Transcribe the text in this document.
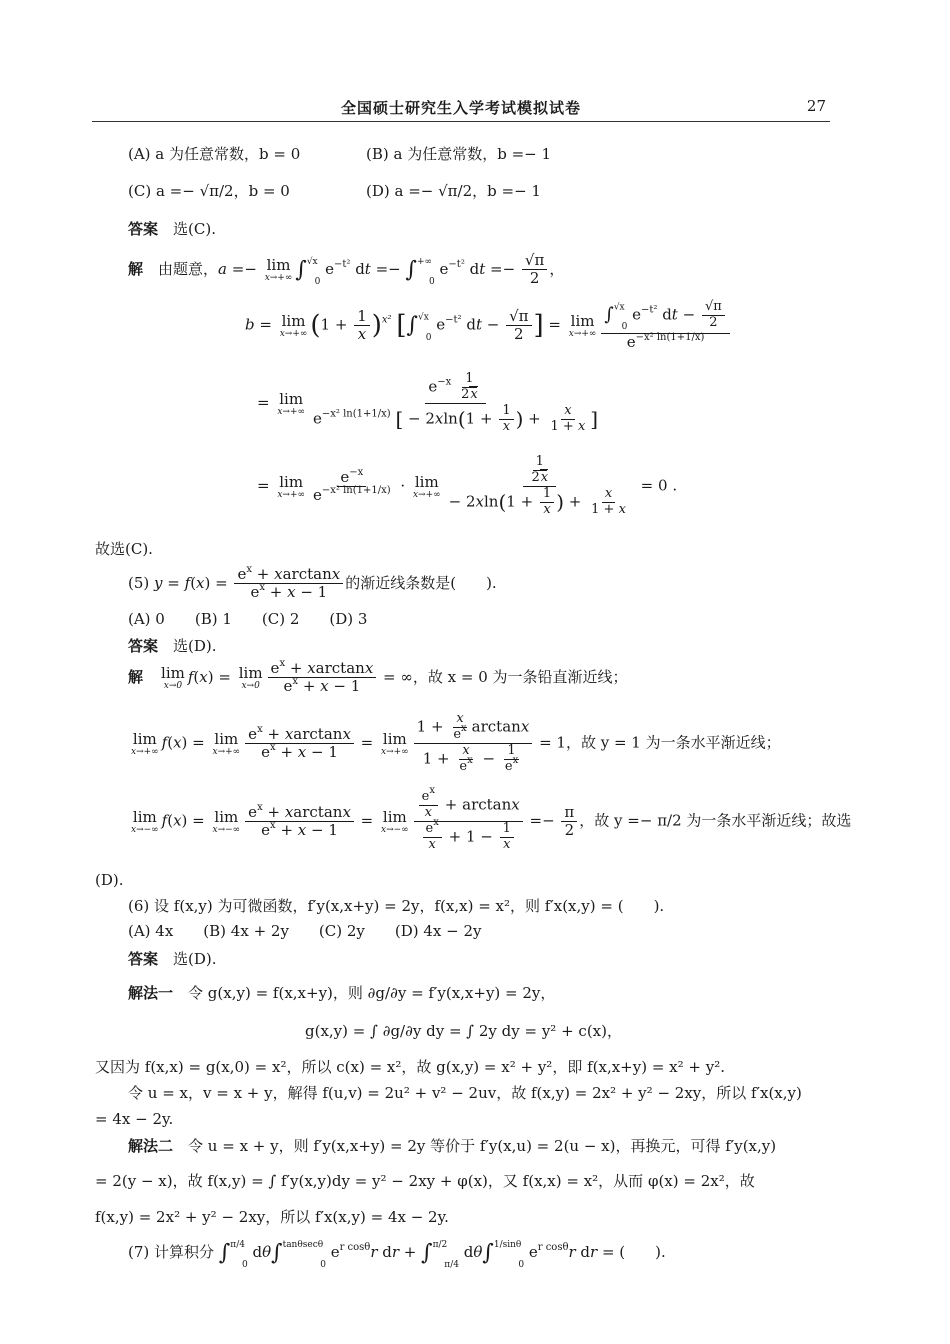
全国硕士研究生入学考试模拟试卷	27
(A) a 为任意常数，b = 0	(B) a 为任意常数，b =− 1
(C) a =− √π/2，b = 0	(D) a =− √π/2，b =− 1
答案　 选(C).
解　 由题意，a =− lim
x→+∞ ∫$^{√x}_0$ $e^{-t^2}$ dt =− $\int^{+\infty}_0$ $e^{-t^2}$ dt =− $\frac{√\pi}{2}$ ，
b = lim
x→+∞ $(1 + \frac{1}{x} )^{x^2}$ [∫$^{√x}_0$ $e^{-t^2}$ dt − $\frac{√\pi}{2}$ ] = lim
$x\to+\infty \frac{\int^{√x}_0 e^{-t^2} dt - \frac{√\pi}{2}}{e^{-x^2 ln(1+1/x)}}$
= lim
$x\to+\infty \frac{e^{-x} \frac{1}{2x}}{e^{-x^2 ln(1+1/x)} [ - 2xln(1 + \frac{1}{x} ) + \frac{x}{1 + x} ]}$
= lim
$x\to+\infty \frac{e^{-x}}{e^{-x^2 ln(1+1/x)}} \cdot \lim$
$x\to+\infty \frac{\frac{1}{2x}}{- 2xln(1 + \frac{1}{x} ) + \frac{x}{1 + x}} = 0$ .
故选(C).
(5) $y = f(x) = \frac{e^x + xarctanx}{e^x + x - 1}$ 的渐近线条数是(　　).
(A) 0　　(B) 1　　(C) 2　　(D) 3
答案　 选(D).
解　 lim
x→0
f(x) = lim
$x\to 0 \frac{e^x + xarctanx}{e^x + x - 1}$ = ∞，故 x = 0 为一条铅直渐近线；
lim
x→+∞
f(x) = lim
$x\to+\infty \frac{e^x + xarctanx}{e^x + x - 1} = \lim$
$x\to+\infty \frac{1 + \frac{x}{e^x} \arctan x}{1 + \frac{x}{e^x} - \frac{1}{e^x}} = 1$，故 y = 1 为一条水平渐近线；
lim
x→−∞
f(x) = lim
$x\to-\infty \frac{e^x + xarctanx}{e^x + x - 1} = \lim$
$x\to-\infty \frac{\frac{e^x}{x} + \arctan x}{\frac{e^x}{x} + 1 - \frac{1}{x}} =- \frac{\pi}{2}$ ，故 y =− π/2 为一条水平渐近线；故选
(D).
(6) 设 f(x,y) 为可微函数，f′y(x,x+y) = 2y，f(x,x) = x²，则 f′x(x,y) = (　　).
(A) 4x　　(B) 4x + 2y　　(C) 2y　　(D) 4x − 2y
答案　 选(D).
解法一　 令 g(x,y) = f(x,x+y)，则 ∂g/∂y = f′y(x,x+y) = 2y，
g(x,y) = ∫ ∂g/∂y dy = ∫ 2y dy = y² + c(x)，
又因为 f(x,x) = g(x,0) = x²，所以 c(x) = x²，故 g(x,y) = x² + y²，即 f(x,x+y) = x² + y².
令 u = x，v = x + y，解得 f(u,v) = 2u² + v² − 2uv，故 f(x,y) = 2x² + y² − 2xy，所以 f′x(x,y)
= 4x − 2y.
解法二　 令 u = x + y，则 f′y(x,x+y) = 2y 等价于 f′y(x,u) = 2(u − x)，再换元，可得 f′y(x,y)
= 2(y − x)，故 f(x,y) = ∫ f′y(x,y)dy = y² − 2xy + φ(x)，又 f(x,x) = x²，从而 φ(x) = 2x²，故
f(x,y) = 2x² + y² − 2xy，所以 f′x(x,y) = 4x − 2y.
(7) 计算积分 ∫$^{\pi/4}_0$ dθ∫$^{tan\theta sec\theta}_0$ $e^{r cos\theta}r$ dr + ∫$^{\pi/2}_{\pi/4}$ dθ∫$^{1/sin\theta}_0$ $e^{r cos\theta}r$ dr = (　　).
